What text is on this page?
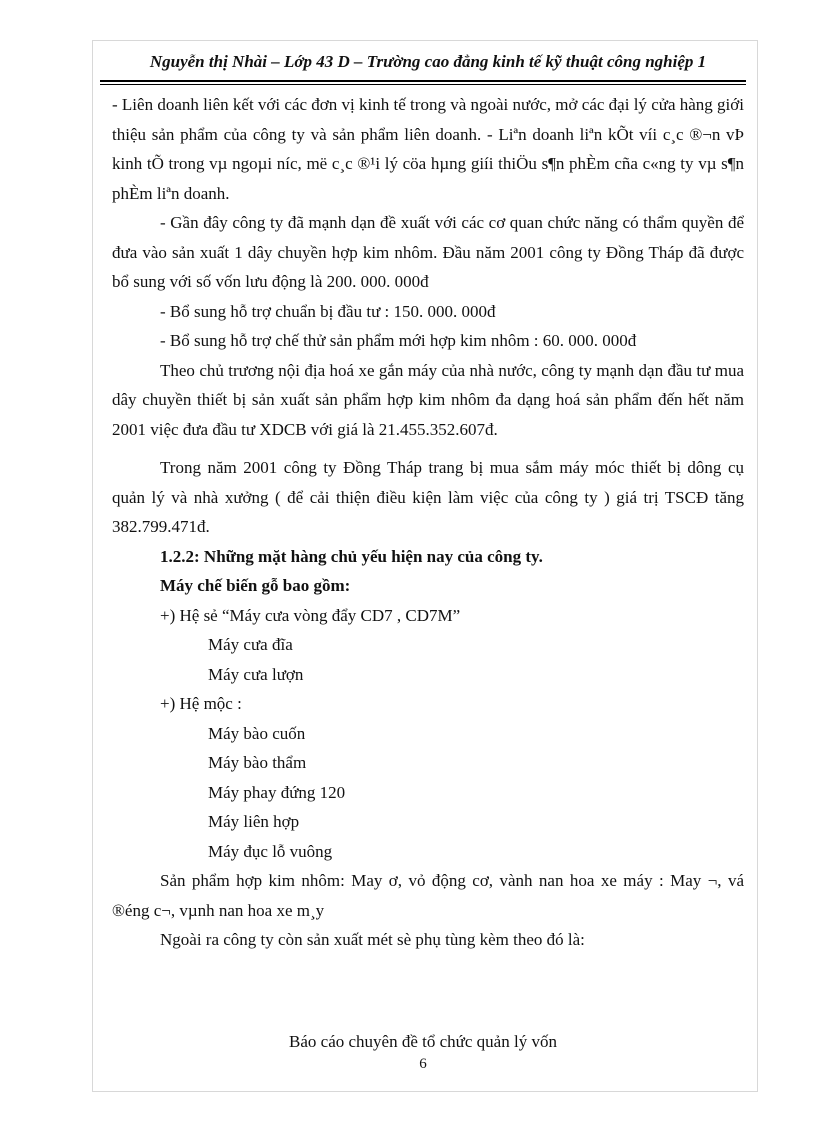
Nguyễn thị Nhài – Lớp 43 D – Trường cao đẳng kinh tế kỹ thuật công nghiệp 1

- Liên doanh liên kết với các đơn vị kinh tế trong và ngoài nước, mở các đại lý cửa hàng giới thiệu sản phẩm của công ty và sản phẩm liên doanh. - Liªn doanh liªn kÕt víi c¸c ®¬n vÞ kinh tÕ trong vµ ngoµi níc, më c¸c ®¹i lý cöa hµng giíi thiÖu s¶n phÈm cña c«ng ty vµ s¶n phÈm liªn doanh.

- Gần đây công ty đã mạnh dạn đề xuất với các cơ quan chức năng có thẩm quyền để đưa vào sản xuất 1 dây chuyền hợp kim nhôm. Đầu năm 2001 công ty Đồng Tháp đã được bổ sung với số vốn lưu động là 200. 000. 000đ

- Bổ sung hỗ trợ chuẩn bị đầu tư : 150. 000. 000đ

- Bổ sung hỗ trợ chế thử sản phẩm mới hợp kim nhôm : 60. 000. 000đ

Theo chủ trương nội địa hoá xe gắn máy của nhà nước, công ty mạnh dạn đầu tư mua dây chuyền thiết bị sản xuất sản phẩm hợp kim nhôm đa dạng hoá sản phẩm đến hết năm 2001 việc đưa đầu tư XDCB với giá là 21.455.352.607đ.

Trong năm 2001 công ty Đồng Tháp trang bị mua sắm máy móc thiết bị dông cụ quản lý và nhà xưởng ( để cải thiện điều kiện làm việc của công ty ) giá trị TSCĐ tăng 382.799.471đ.

1.2.2: Những mặt hàng chủ yếu hiện nay của công ty.

Máy chế biến gỗ bao gồm:

+) Hệ sẻ “Máy cưa vòng đẩy CD7 , CD7M”

Máy cưa đĩa

Máy cưa lượn

+) Hệ mộc :

Máy bào cuốn

Máy bào thẩm

Máy phay đứng 120

Máy liên hợp

Máy đục lỗ vuông

Sản phẩm hợp kim nhôm: May ơ, vỏ động cơ, vành nan hoa xe máy : May ¬, vá ®éng c¬, vµnh nan hoa xe m¸y

Ngoài ra công ty còn sản xuất mét sè phụ tùng kèm theo đó là:

Báo cáo chuyên đề tổ chức quản lý vốn
6
